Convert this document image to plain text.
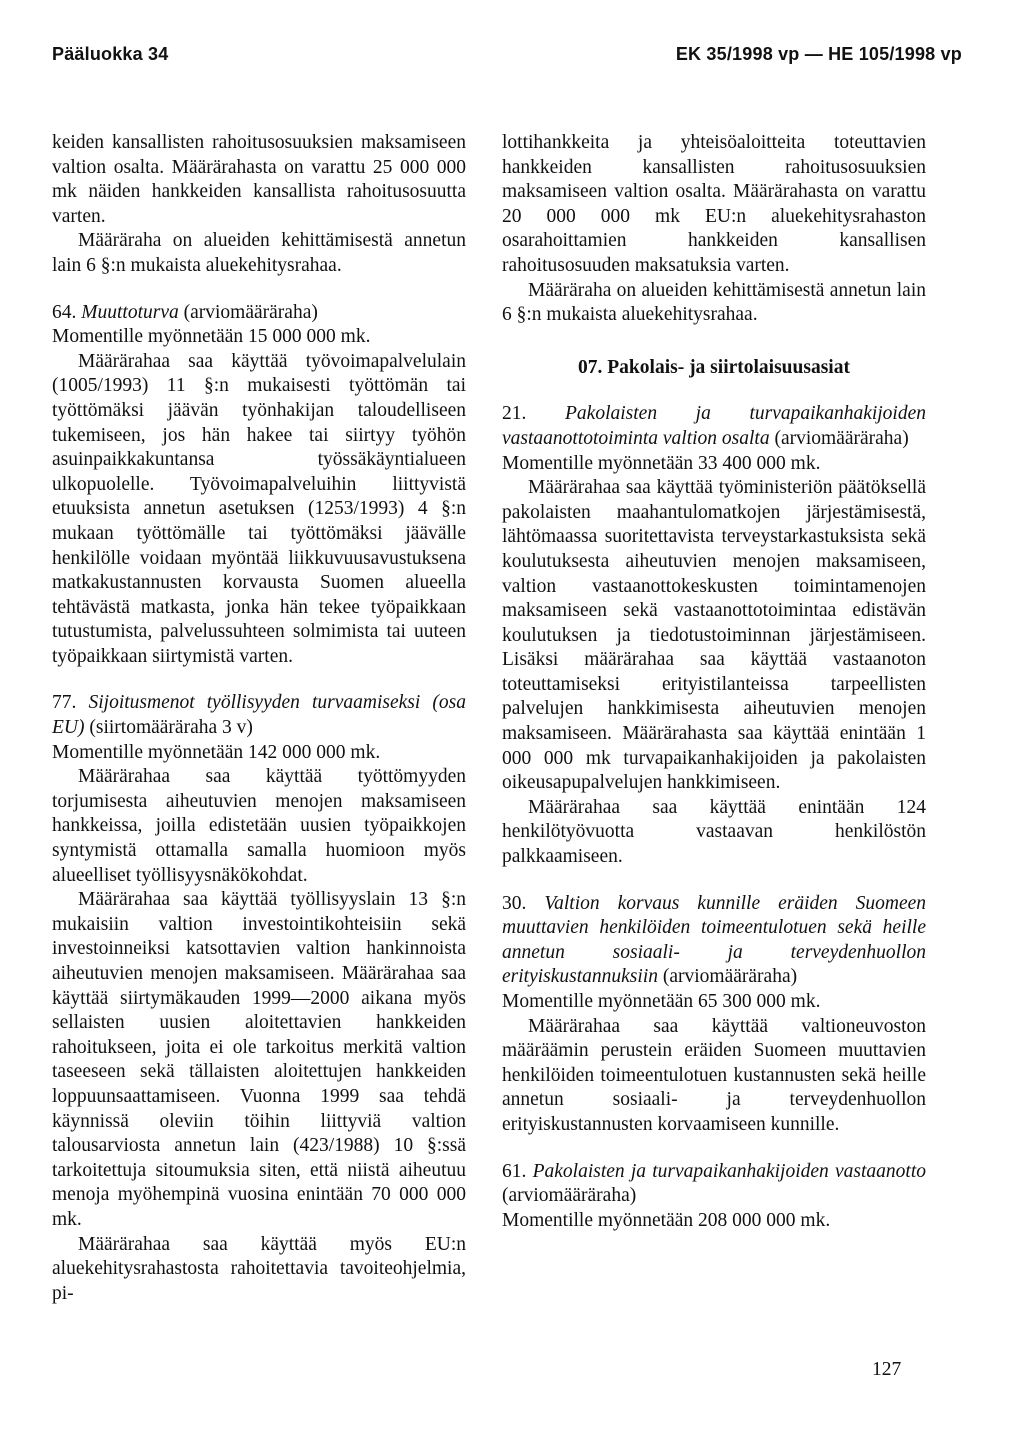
Pääluokka 34	EK 35/1998 vp — HE 105/1998 vp

keiden kansallisten rahoitusosuuksien maksamiseen valtion osalta. Määrärahasta on varattu 25 000 000 mk näiden hankkeiden kansallista rahoitusosuutta varten.

Määräraha on alueiden kehittämisestä annetun lain 6 §:n mukaista aluekehitysrahaa.

64. Muuttoturva (arviomääräraha)

Momentille myönnetään 15 000 000 mk.

Määrärahaa saa käyttää työvoimapalvelulain (1005/1993) 11 §:n mukaisesti työttömän tai työttömäksi jäävän työnhakijan taloudelliseen tukemiseen, jos hän hakee tai siirtyy työhön asuinpaikkakuntansa työssäkäyntialueen ulkopuolelle. Työvoimapalveluihin liittyvistä etuuksista annetun asetuksen (1253/1993) 4 §:n mukaan työttömälle tai työttömäksi jäävälle henkilölle voidaan myöntää liikkuvuusavustuksena matkakustannusten korvausta Suomen alueella tehtävästä matkasta, jonka hän tekee työpaikkaan tutustumista, palvelussuhteen solmimista tai uuteen työpaikkaan siirtymistä varten.

77. Sijoitusmenot työllisyyden turvaamiseksi (osa EU) (siirtomääräraha 3 v)

Momentille myönnetään 142 000 000 mk.

Määrärahaa saa käyttää työttömyyden torjumisesta aiheutuvien menojen maksamiseen hankkeissa, joilla edistetään uusien työpaikkojen syntymistä ottamalla samalla huomioon myös alueelliset työllisyysnäkökohdat.

Määrärahaa saa käyttää työllisyyslain 13 §:n mukaisiin valtion investointikohteisiin sekä investoinneiksi katsottavien valtion hankinnoista aiheutuvien menojen maksamiseen. Määrärahaa saa käyttää siirtymäkauden 1999—2000 aikana myös sellaisten uusien aloitettavien hankkeiden rahoitukseen, joita ei ole tarkoitus merkitä valtion taseeseen sekä tällaisten aloitettujen hankkeiden loppuunsaattamiseen. Vuonna 1999 saa tehdä käynnissä oleviin töihin liittyviä valtion talousarviosta annetun lain (423/1988) 10 §:ssä tarkoitettuja sitoumuksia siten, että niistä aiheutuu menoja myöhempinä vuosina enintään 70 000 000 mk.

Määrärahaa saa käyttää myös EU:n aluekehitysrahastosta rahoitettavia tavoiteohjelmia, pi-

lottihankkeita ja yhteisöaloitteita toteuttavien hankkeiden kansallisten rahoitusosuuksien maksamiseen valtion osalta. Määrärahasta on varattu 20 000 000 mk EU:n aluekehitysrahaston osarahoittamien hankkeiden kansallisen rahoitusosuuden maksatuksia varten.

Määräraha on alueiden kehittämisestä annetun lain 6 §:n mukaista aluekehitysrahaa.

07. Pakolais- ja siirtolaisuusasiat

21. Pakolaisten ja turvapaikanhakijoiden vastaanottotoiminta valtion osalta (arviomääräraha)

Momentille myönnetään 33 400 000 mk.

Määrärahaa saa käyttää työministeriön päätöksellä pakolaisten maahantulomatkojen järjestämisestä, lähtömaassa suoritettavista terveystarkastuksista sekä koulutuksesta aiheutuvien menojen maksamiseen, valtion vastaanottokeskusten toimintamenojen maksamiseen sekä vastaanottotoimintaa edistävän koulutuksen ja tiedotustoiminnan järjestämiseen. Lisäksi määrärahaa saa käyttää vastaanoton toteuttamiseksi erityistilanteissa tarpeellisten palvelujen hankkimisesta aiheutuvien menojen maksamiseen. Määrärahasta saa käyttää enintään 1 000 000 mk turvapaikanhakijoiden ja pakolaisten oikeusapupalvelujen hankkimiseen.

Määrärahaa saa käyttää enintään 124 henkilötyövuotta vastaavan henkilöstön palkkaamiseen.

30. Valtion korvaus kunnille eräiden Suomeen muuttavien henkilöiden toimeentulotuen sekä heille annetun sosiaali- ja terveydenhuollon erityiskustannuksiin (arviomääräraha)

Momentille myönnetään 65 300 000 mk.

Määrärahaa saa käyttää valtioneuvoston määräämin perustein eräiden Suomeen muuttavien henkilöiden toimeentulotuen kustannusten sekä heille annetun sosiaali- ja terveydenhuollon erityiskustannusten korvaamiseen kunnille.

61. Pakolaisten ja turvapaikanhakijoiden vastaanotto (arviomääräraha)

Momentille myönnetään 208 000 000 mk.

127
